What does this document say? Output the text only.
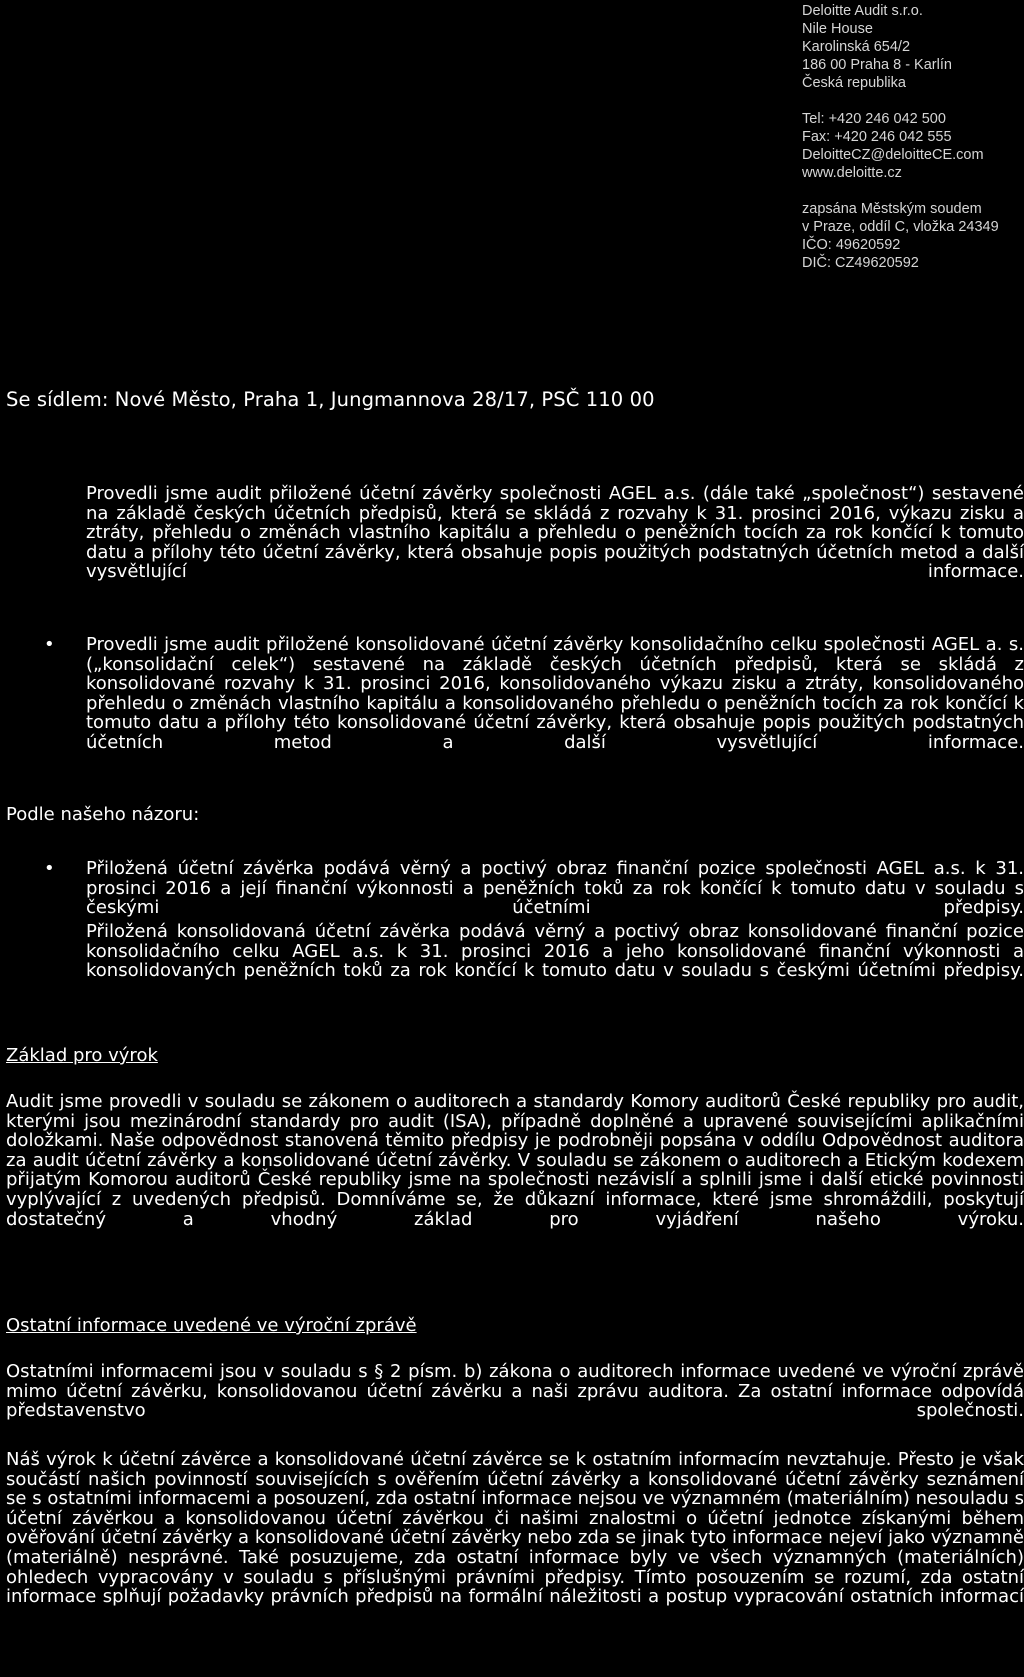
Deloitte Audit s.r.o.
Nile House
Karolinská 654/2
186 00 Praha 8 - Karlín
Česká republika
Tel: +420 246 042 500
Fax: +420 246 042 555
DeloitteCZ@deloitteCE.com
www.deloitte.cz
zapsána Městským soudem
v Praze, oddíl C, vložka 24349
IČO: 49620592
DIČ: CZ49620592
Se sídlem: Nové Město, Praha 1, Jungmannova 28/17, PSČ 110 00
Provedli jsme audit přiložené účetní závěrky společnosti AGEL a.s. (dále také „společnost“) sestavené na základě českých účetních předpisů, která se skládá z rozvahy k 31. prosinci 2016, výkazu zisku a ztráty, přehledu o změnách vlastního kapitálu a přehledu o peněžních tocích za rok končící k tomuto datu a přílohy této účetní závěrky, která obsahuje popis použitých podstatných účetních metod a další vysvětlující informace.
• Provedli jsme audit přiložené konsolidované účetní závěrky konsolidačního celku společnosti AGEL a. s. („konsolidační celek“) sestavené na základě českých účetních předpisů, která se skládá z konsolidované rozvahy k 31. prosinci 2016, konsolidovaného výkazu zisku a ztráty, konsolidovaného přehledu o změnách vlastního kapitálu a konsolidovaného přehledu o peněžních tocích za rok končící k tomuto datu a přílohy této konsolidované účetní závěrky, která obsahuje popis použitých podstatných účetních metod a další vysvětlující informace.
Podle našeho názoru:
• Přiložená účetní závěrka podává věrný a poctivý obraz finanční pozice společnosti AGEL a.s. k 31. prosinci 2016 a její finanční výkonnosti a peněžních toků za rok končící k tomuto datu v souladu s českými účetními předpisy.
Přiložená konsolidovaná účetní závěrka podává věrný a poctivý obraz konsolidované finanční pozice konsolidačního celku AGEL a.s. k 31. prosinci 2016 a jeho konsolidované finanční výkonnosti a konsolidovaných peněžních toků za rok končící k tomuto datu v souladu s českými účetními předpisy.
Základ pro výrok
Audit jsme provedli v souladu se zákonem o auditorech a standardy Komory auditorů České republiky pro audit, kterými jsou mezinárodní standardy pro audit (ISA), případně doplněné a upravené souvisejícími aplikačními doložkami. Naše odpovědnost stanovená těmito předpisy je podrobněji popsána v oddílu Odpovědnost auditora za audit účetní závěrky a konsolidované účetní závěrky. V souladu se zákonem o auditorech a Etickým kodexem přijatým Komorou auditorů České republiky jsme na společnosti nezávislí a splnili jsme i další etické povinnosti vyplývající z uvedených předpisů. Domníváme se, že důkazní informace, které jsme shromáždili, poskytují dostatečný a vhodný základ pro vyjádření našeho výroku.
Ostatní informace uvedené ve výroční zprávě
Ostatními informacemi jsou v souladu s § 2 písm. b) zákona o auditorech informace uvedené ve výroční zprávě mimo účetní závěrku, konsolidovanou účetní závěrku a naši zprávu auditora. Za ostatní informace odpovídá představenstvo společnosti.
Náš výrok k účetní závěrce a konsolidované účetní závěrce se k ostatním informacím nevztahuje. Přesto je však součástí našich povinností souvisejících s ověřením účetní závěrky a konsolidované účetní závěrky seznámení se s ostatními informacemi a posouzení, zda ostatní informace nejsou ve významném (materiálním) nesouladu s účetní závěrkou a konsolidovanou účetní závěrkou či našimi znalostmi o účetní jednotce získanými během ověřování účetní závěrky a konsolidované účetní závěrky nebo zda se jinak tyto informace nejeví jako významně (materiálně) nesprávné. Také posuzujeme, zda ostatní informace byly ve všech významných (materiálních) ohledech vypracovány v souladu s příslušnými právními předpisy. Tímto posouzením se rozumí, zda ostatní informace splňují požadavky právních předpisů na formální náležitosti a postup vypracování ostatních informací
